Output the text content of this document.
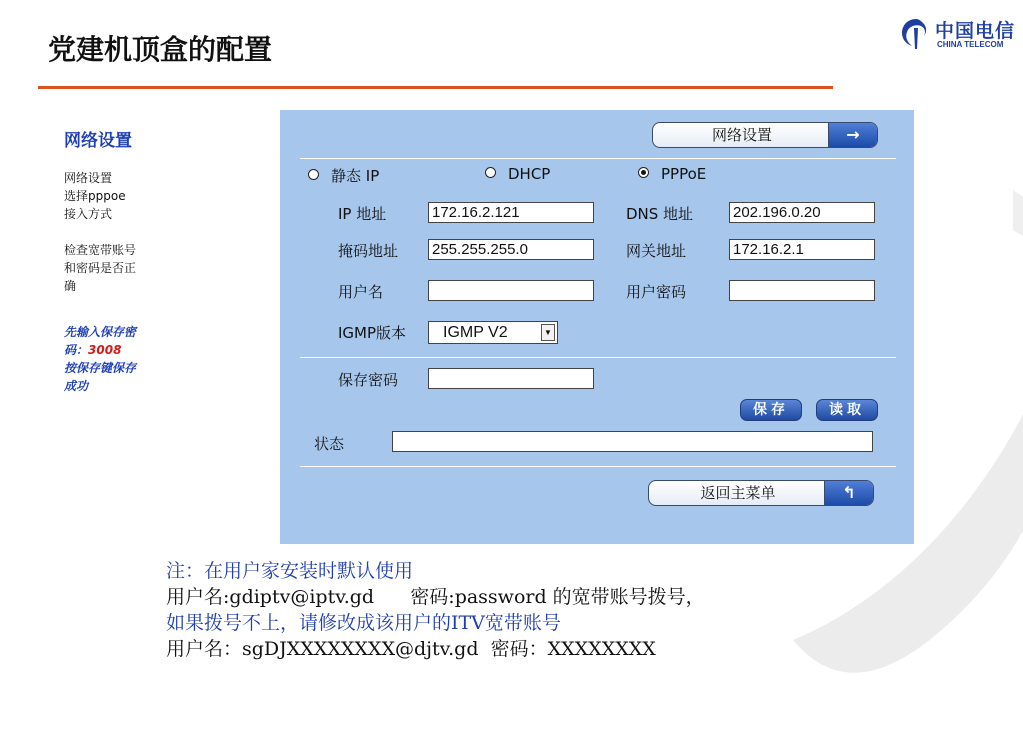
中国电信
CHINA TELECOM
党建机顶盒的配置
网络设置
网络设置
选择pppoe
接入方式
检查宽带账号
和密码是否正
确
先输入保存密
码：3008
按保存键保存
成功
网络设置	→
静态 IP	DHCP	PPPoE
IP 地址	172.16.2.121	DNS 地址	202.196.0.20
掩码地址 255.255.255.0	网关地址	172.16.2.1
用户名	用户密码
IGMP版本 IGMP V2	▼
保存密码
保存	读取
状态
返回主菜单	↰
注：在用户家安装时默认使用
用户名:gdiptv@iptv.gd      密码:password 的宽带账号拨号，
如果拨号不上，请修改成该用户的ITV宽带账号
用户名：sgDJXXXXXXXX@djtv.gd  密码：XXXXXXXX
